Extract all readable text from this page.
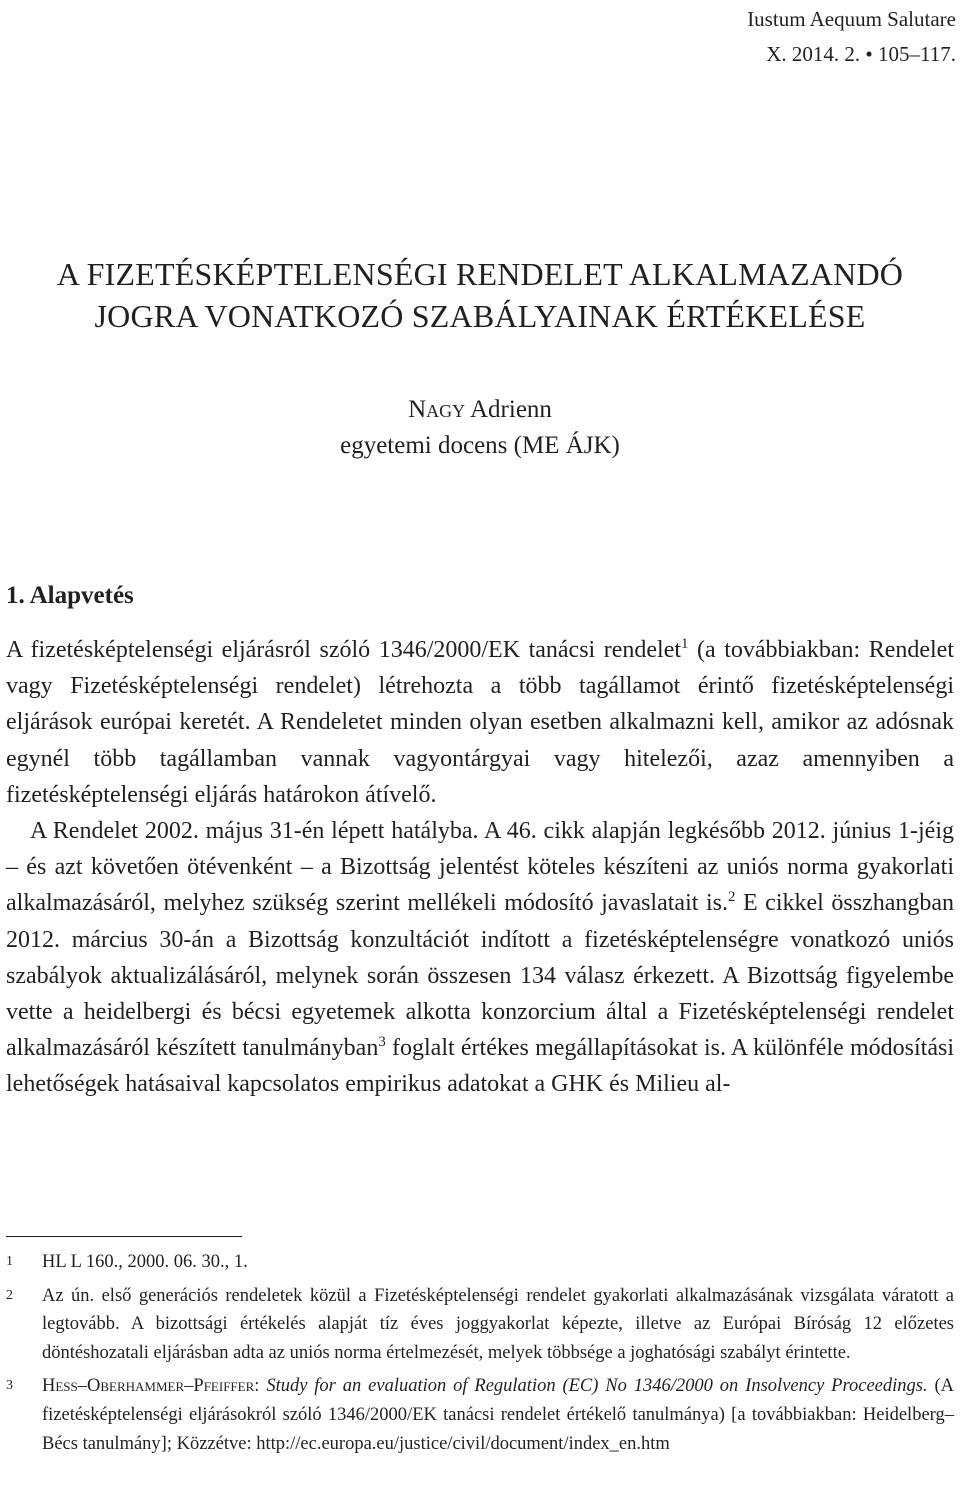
Iustum Aequum Salutare
X. 2014. 2. • 105–117.
A FIZETÉSKÉPTELENSÉGI RENDELET ALKALMAZANDÓ
JOGRA VONATKOZÓ SZABÁLYAINAK ÉRTÉKELÉSE
Nagy Adrienn
egyetemi docens (ME ÁJK)
1. Alapvetés

A fizetésképtelenségi eljárásról szóló 1346/2000/EK tanácsi rendelet$^1$ (a továbbiakban: Rendelet vagy Fizetésképtelenségi rendelet) létrehozta a több tagállamot érintő fizetésképtelenségi eljárások európai keretét. A Rendeletet minden olyan esetben alkalmazni kell, amikor az adósnak egynél több tagállamban vannak vagyontárgyai vagy hitelezői, azaz amennyiben a fizetésképtelenségi eljárás határokon átívelő.

A Rendelet 2002. május 31-én lépett hatályba. A 46. cikk alapján legkésőbb 2012. június 1-jéig – és azt követően ötévenként – a Bizottság jelentést köteles készíteni az uniós norma gyakorlati alkalmazásáról, melyhez szükség szerint mellékeli módosító javaslatait is.$^2$ E cikkel összhangban 2012. március 30-án a Bizottság konzultációt indított a fizetésképtelenségre vonatkozó uniós szabályok aktualizálásáról, melynek során összesen 134 válasz érkezett. A Bizottság figyelembe vette a heidelbergi és bécsi egyetemek alkotta konzorcium által a Fizetésképtelenségi rendelet alkalmazásáról készített tanulmányban$^3$ foglalt értékes megállapításokat is. A különféle módosítási lehetőségek hatásaival kapcsolatos empirikus adatokat a GHK és Milieu al-

1 HL L 160., 2000. 06. 30., 1.
2 Az ún. első generációs rendeletek közül a Fizetésképtelenségi rendelet gyakorlati alkalmazásának vizsgálata váratott a legtovább. A bizottsági értékelés alapját tíz éves joggyakorlat képezte, illetve az Európai Bíróság 12 előzetes döntéshozatali eljárásban adta az uniós norma értelmezését, melyek többsége a joghatósági szabályt érintette.
3 Hess–Oberhammer–Pfeiffer: Study for an evaluation of Regulation (EC) No 1346/2000 on Insolvency Proceedings. (A fizetésképtelenségi eljárásokról szóló 1346/2000/EK tanácsi rendelet értékelő tanulmánya) [a továbbiakban: Heidelberg–Bécs tanulmány]; Közzétve: http://ec.europa.eu/justice/civil/document/index_en.htm
